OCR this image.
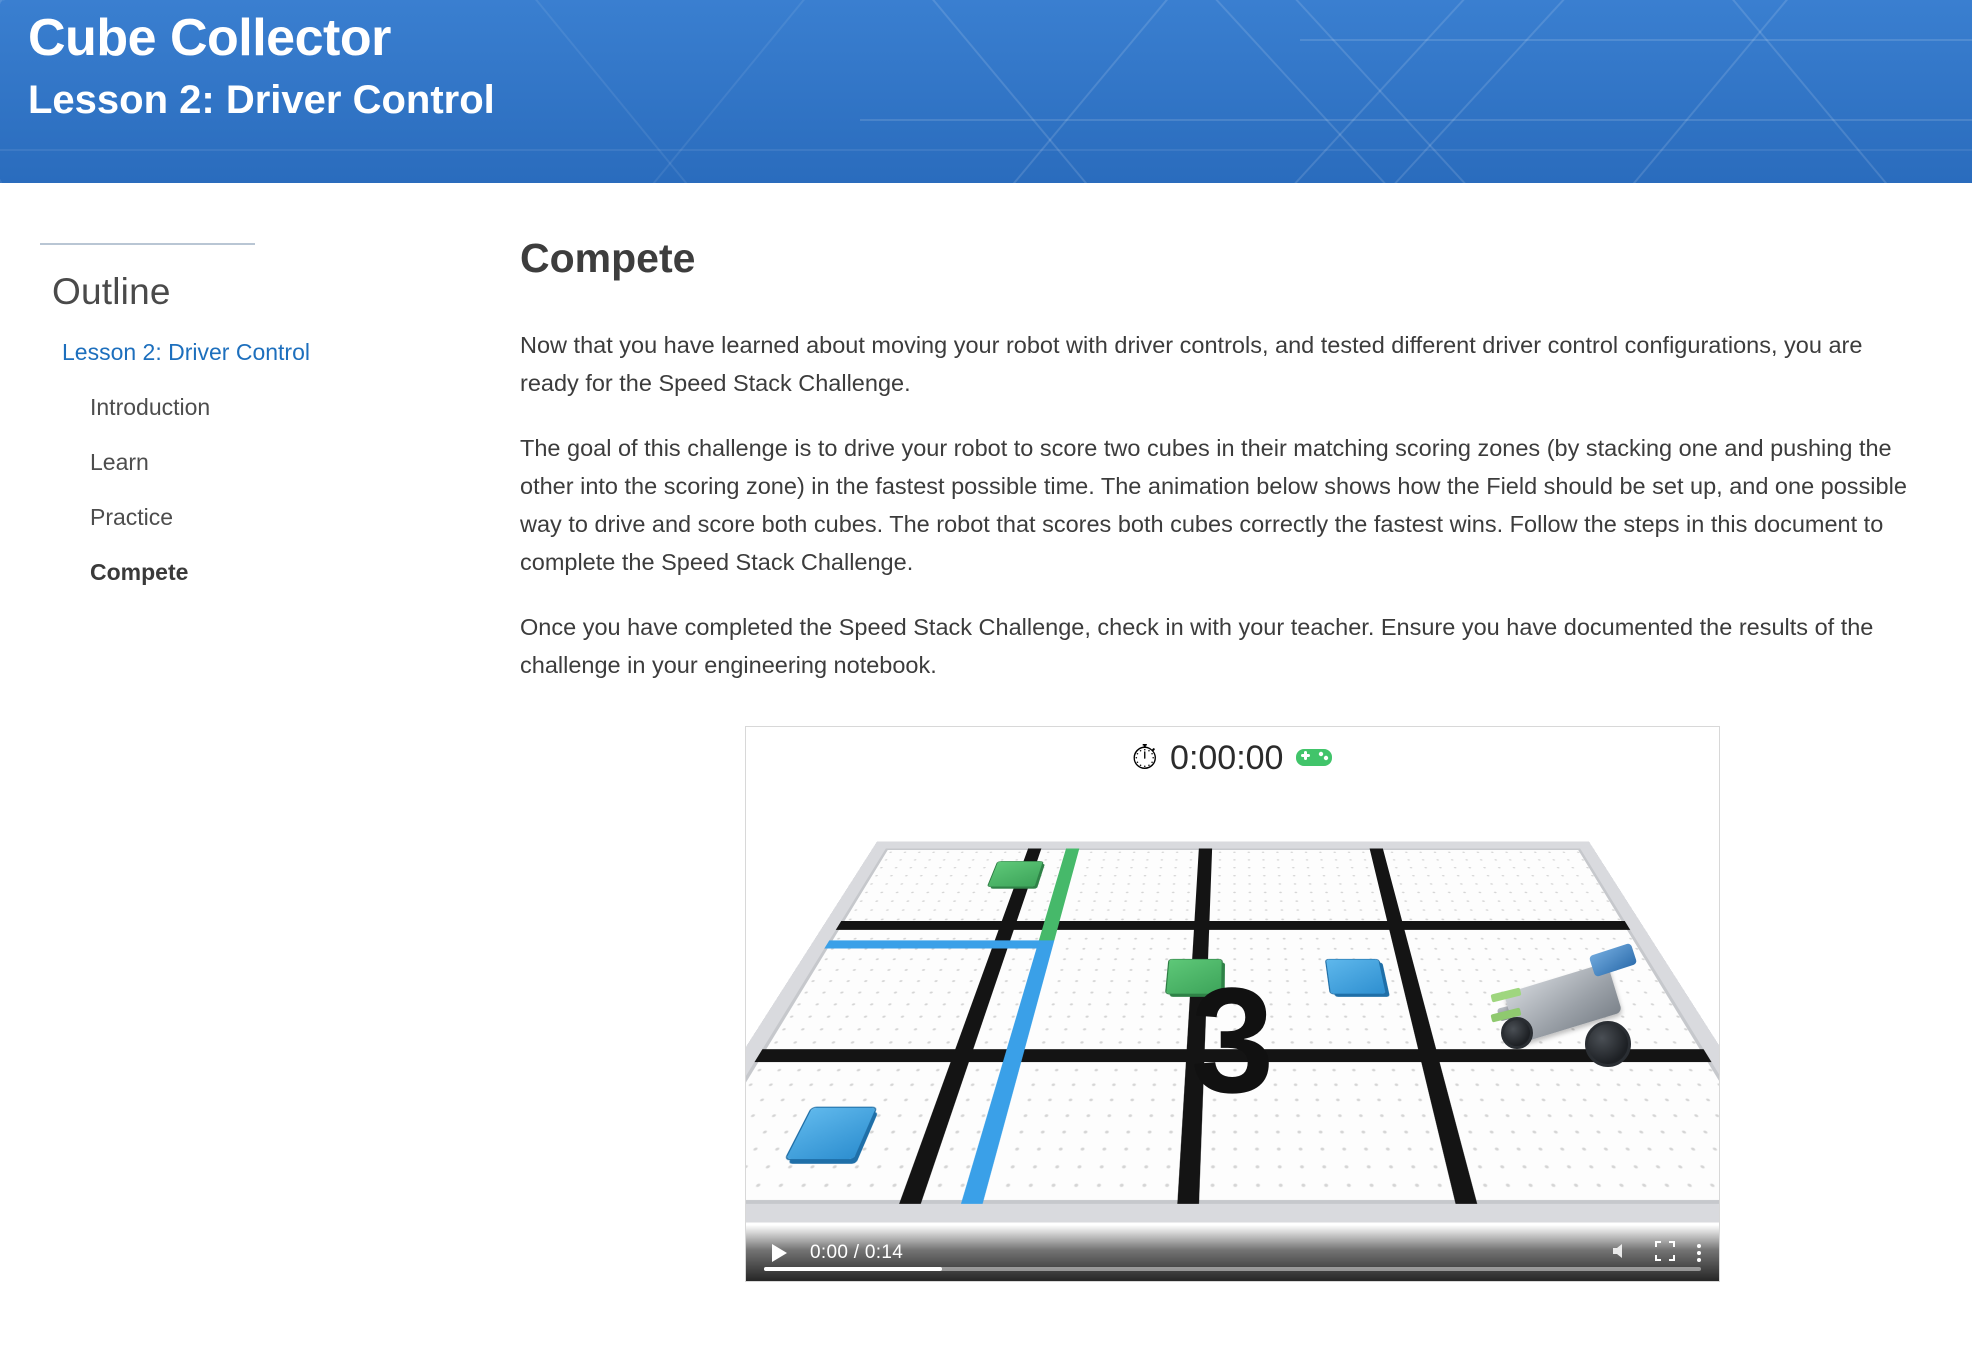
Cube Collector
Lesson 2: Driver Control
Outline
Lesson 2: Driver Control
Introduction
Learn
Practice
Compete
Compete

Now that you have learned about moving your robot with driver controls, and tested different driver control configurations, you are ready for the Speed Stack Challenge.

The goal of this challenge is to drive your robot to score two cubes in their matching scoring zones (by stacking one and pushing the other into the scoring zone) in the fastest possible time. The animation below shows how the Field should be set up, and one possible way to drive and score both cubes. The robot that scores both cubes correctly the fastest wins. Follow the steps in this document to complete the Speed Stack Challenge.

Once you have completed the Speed Stack Challenge, check in with your teacher. Ensure you have documented the results of the challenge in your engineering notebook.

⏱ 0:00:00
3
0:00 / 0:14
